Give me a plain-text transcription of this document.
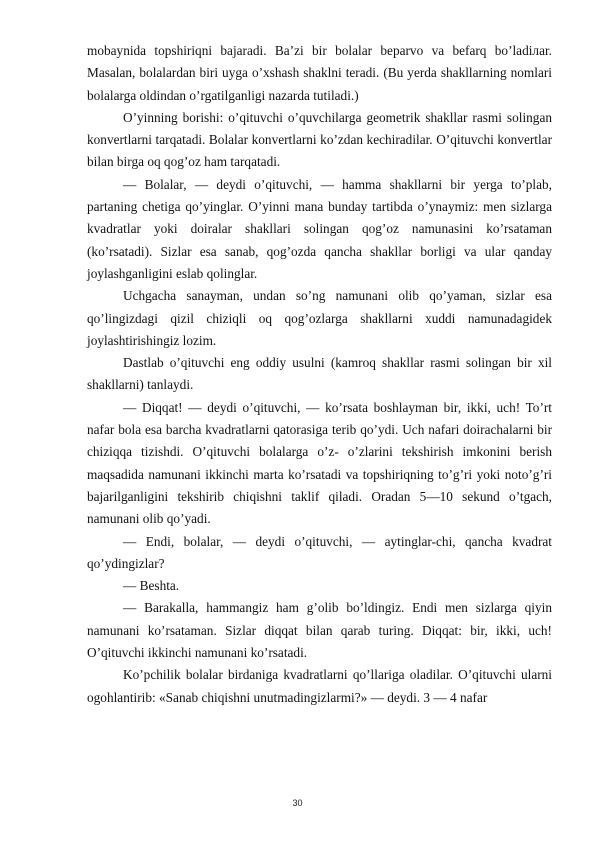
mobaynida topshiriqni bajaradi. Ba’zi bir bolalar beparvo va befarq bo’ladiлar. Masalan, bolalardan biri uyga o’xshash shaklni teradi. (Bu yerda shakllarning nomlari bolalarga oldindan o’rgatilganligi nazarda tutiladi.)

O’yinning borishi: o’qituvchi o’quvchilarga geometrik shakllar rasmi solingan konvertlarni tarqatadi. Bolalar konvertlarni ko’zdan kechiradilar. O’qituvchi konvertlar bilan birga oq qog’oz ham tarqatadi.

— Bolalar, — deydi o’qituvchi, — hamma shakllarni bir yerga to’plab, partaning chetiga qo’yinglar. O’yinni mana bunday tartibda o’ynaymiz: men sizlarga kvadratlar yoki doiralar shakllari solingan qog’oz namunasini ko’rsataman (ko’rsatadi). Sizlar esa sanab, qog’ozda qancha shakllar borligi va ular qanday joylashganligini eslab qolinglar.

Uchgacha sanayman, undan so’ng namunani olib qo’yaman, sizlar esa qo’lingizdagi qizil chiziqli oq qog’ozlarga shakllarni xuddi namunadagidek joylashtirishingiz lozim.

Dastlab o’qituvchi eng oddiy usulni (kamroq shakllar rasmi solingan bir xil shakllarni) tanlaydi.

— Diqqat! — deydi o’qituvchi, — ko’rsata boshlayman bir, ikki, uch! To’rt nafar bola esa barcha kvadratlarni qatorasiga terib qo’ydi. Uch nafari doirachalarni bir chiziqqa tizishdi. O’qituvchi bolalarga o’z- o’zlarini tekshirish imkonini berish maqsadida namunani ikkinchi marta ko’rsatadi va topshiriqning to’g’ri yoki noto’g’ri bajarilganligini tekshirib chiqishni taklif qiladi. Oradan 5—10 sekund o’tgach, namunani olib qo’yadi.

— Endi, bolalar, — deydi o’qituvchi, — aytinglar-chi, qancha kvadrat qo’ydingizlar?

— Beshta.

— Barakalla, hammangiz ham g’olib bo’ldingiz. Endi men sizlarga qiyin namunani ko’rsataman. Sizlar diqqat bilan qarab turing. Diqqat: bir, ikki, uch! O’qituvchi ikkinchi namunani ko’rsatadi.

Ko’pchilik bolalar birdaniga kvadratlarni qo’llariga oladilar. O’qituvchi ularni ogohlantirib: «Sanab chiqishni unutmadingizlarmi?» — deydi. 3 — 4 nafar

30
